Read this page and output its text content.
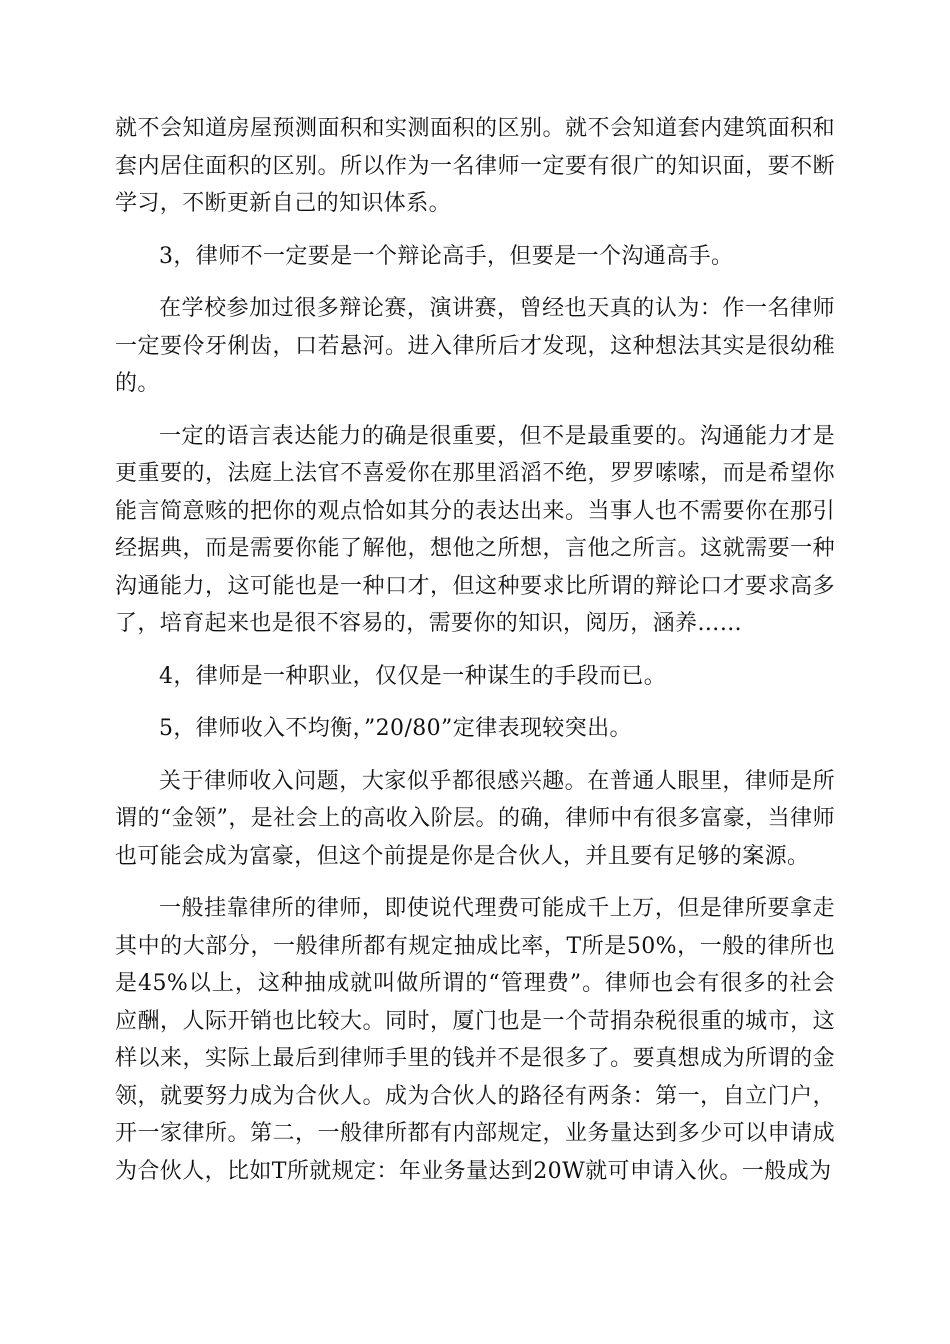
就不会知道房屋预测面积和实测面积的区别。就不会知道套内建筑面积和套内居住面积的区别。所以作为一名律师一定要有很广的知识面，要不断学习，不断更新自己的知识体系。

3，律师不一定要是一个辩论高手，但要是一个沟通高手。

在学校参加过很多辩论赛，演讲赛，曾经也天真的认为：作一名律师一定要伶牙俐齿，口若悬河。进入律所后才发现，这种想法其实是很幼稚的。

一定的语言表达能力的确是很重要，但不是最重要的。沟通能力才是更重要的，法庭上法官不喜爱你在那里滔滔不绝，罗罗嗦嗦，而是希望你能言简意赅的把你的观点恰如其分的表达出来。当事人也不需要你在那引经据典，而是需要你能了解他，想他之所想，言他之所言。这就需要一种沟通能力，这可能也是一种口才，但这种要求比所谓的辩论口才要求高多了，培育起来也是很不容易的，需要你的知识，阅历，涵养……

4，律师是一种职业，仅仅是一种谋生的手段而已。

5，律师收入不均衡，”20/80”定律表现较突出。

关于律师收入问题，大家似乎都很感兴趣。在普通人眼里，律师是所谓的“金领”，是社会上的高收入阶层。的确，律师中有很多富豪，当律师也可能会成为富豪，但这个前提是你是合伙人，并且要有足够的案源。

一般挂靠律所的律师，即使说代理费可能成千上万，但是律所要拿走其中的大部分，一般律所都有规定抽成比率，T所是50%，一般的律所也是45%以上，这种抽成就叫做所谓的“管理费”。律师也会有很多的社会应酬，人际开销也比较大。同时，厦门也是一个苛捐杂税很重的城市，这样以来，实际上最后到律师手里的钱并不是很多了。要真想成为所谓的金领，就要努力成为合伙人。成为合伙人的路径有两条：第一，自立门户，开一家律所。第二，一般律所都有内部规定，业务量达到多少可以申请成为合伙人，比如T所就规定：年业务量达到20W就可申请入伙。一般成为
